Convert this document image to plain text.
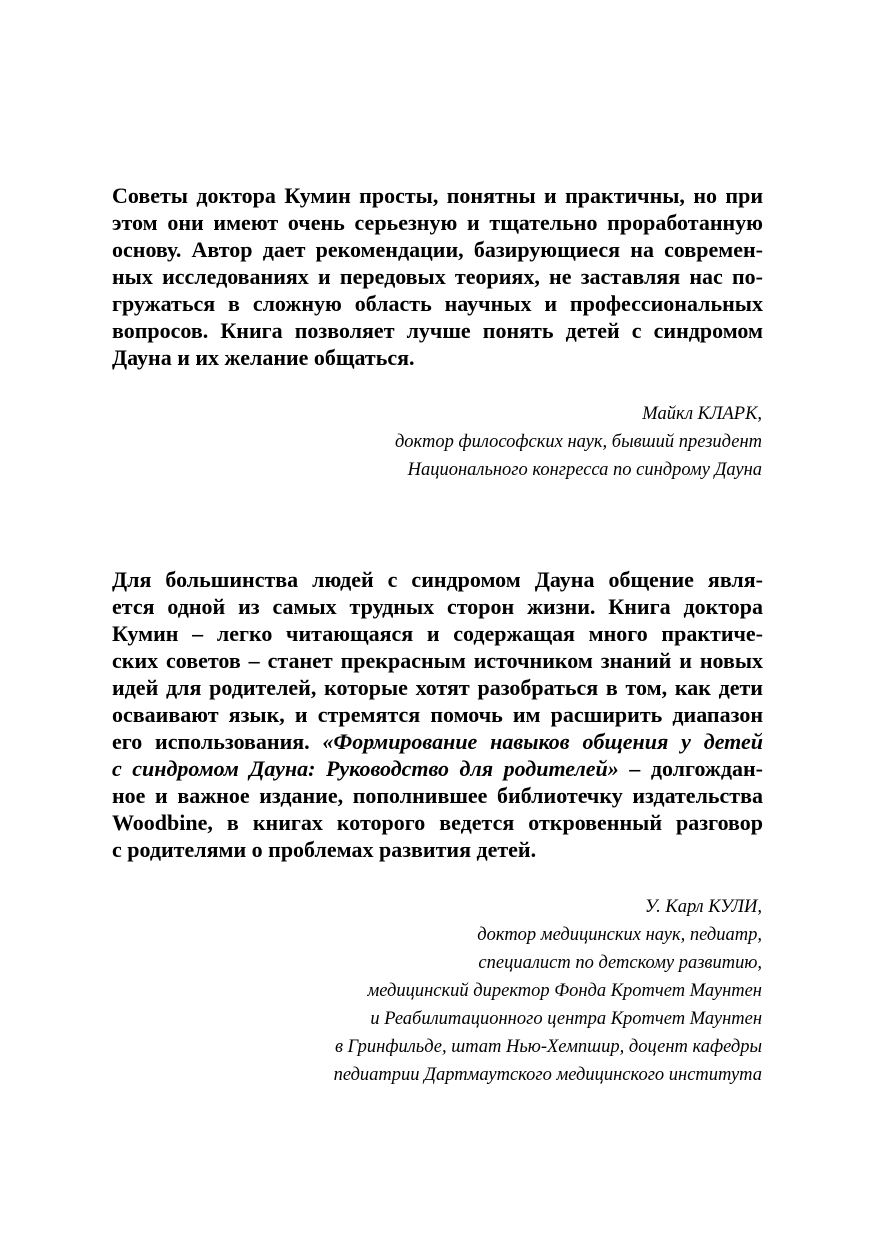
Советы доктора Кумин просты, понятны и практичны, но при
этом они имеют очень серьезную и тщательно проработанную
основу. Автор дает рекомендации, базирующиеся на современ-
ных исследованиях и передовых теориях, не заставляя нас по-
гружаться в сложную область научных и профессиональных
вопросов. Книга позволяет лучше понять детей с синдромом
Дауна и их желание общаться.
Майкл КЛАРК,
доктор философских наук, бывший президент
Национального конгресса по синдрому Дауна
Для большинства людей с синдромом Дауна общение явля-
ется одной из самых трудных сторон жизни. Книга доктора
Кумин – легко читающаяся и содержащая много практиче-
ских советов – станет прекрасным источником знаний и новых
идей для родителей, которые хотят разобраться в том, как дети
осваивают язык, и стремятся помочь им расширить диапазон
его использования. «Формирование навыков общения у детей
с синдромом Дауна: Руководство для родителей» – долгождан-
ное и важное издание, пополнившее библиотечку издательства
Woodbine, в книгах которого ведется откровенный разговор
с родителями о проблемах развития детей.
У. Карл КУЛИ,
доктор медицинских наук, педиатр,
специалист по детскому развитию,
медицинский директор Фонда Кротчет Маунтен
и Реабилитационного центра Кротчет Маунтен
в Гринфильде, штат Нью-Хемпшир, доцент кафедры
педиатрии Дартмаутского медицинского института
